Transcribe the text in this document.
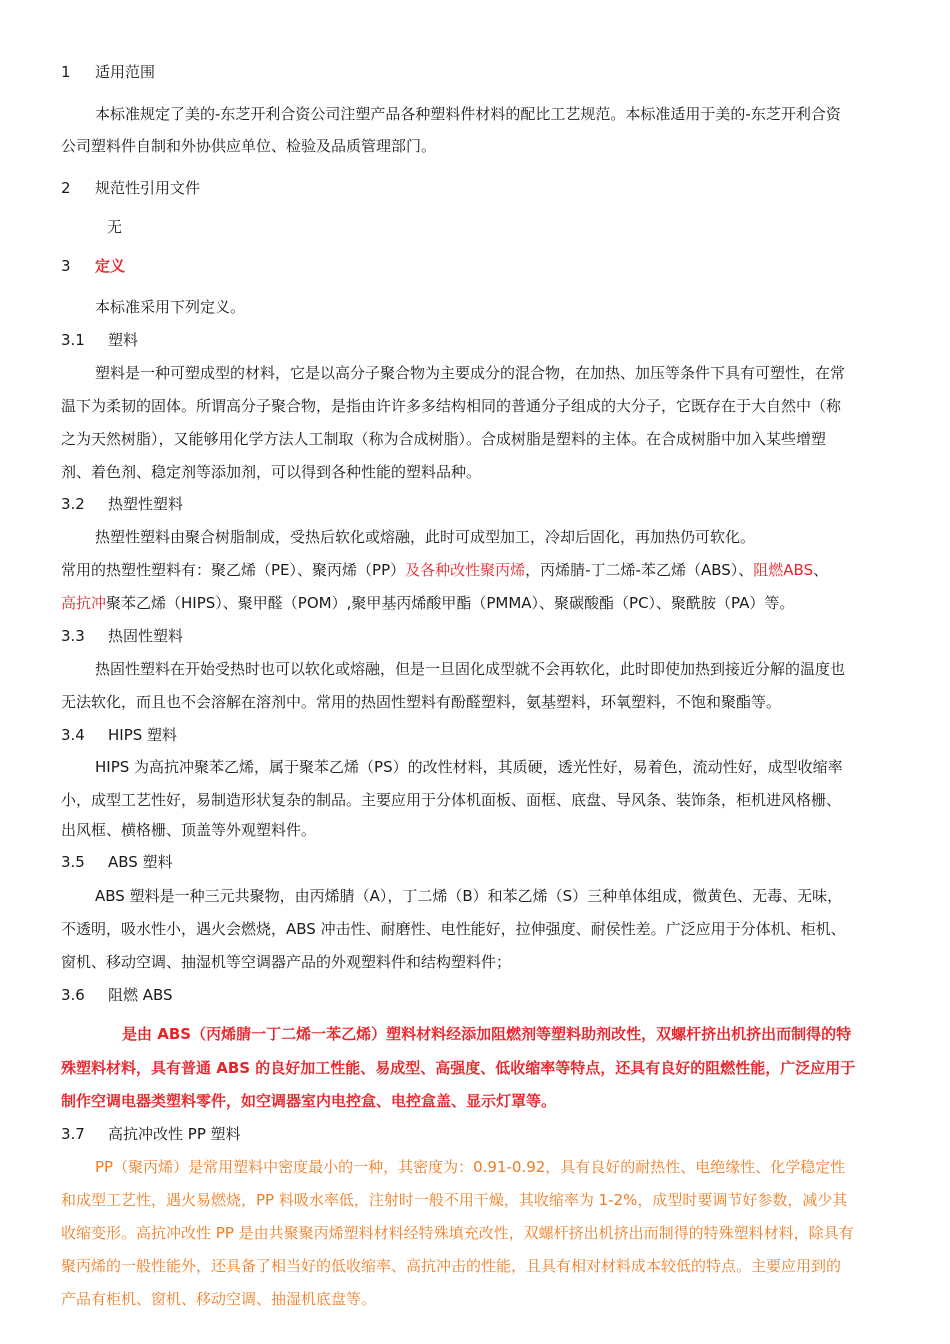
1 适用范围
本标准规定了美的-东芝开利合资公司注塑产品各种塑料件材料的配比工艺规范。本标准适用于美的-东芝开利合资
公司塑料件自制和外协供应单位、检验及品质管理部门。
2 规范性引用文件
无
3 定义
本标准采用下列定义。
3.1 塑料
塑料是一种可塑成型的材料，它是以高分子聚合物为主要成分的混合物，在加热、加压等条件下具有可塑性，在常
温下为柔韧的固体。所谓高分子聚合物，是指由许许多多结构相同的普通分子组成的大分子，它既存在于大自然中（称
之为天然树脂），又能够用化学方法人工制取（称为合成树脂）。合成树脂是塑料的主体。在合成树脂中加入某些增塑
剂、着色剂、稳定剂等添加剂，可以得到各种性能的塑料品种。
3.2 热塑性塑料
热塑性塑料由聚合树脂制成，受热后软化或熔融，此时可成型加工，冷却后固化，再加热仍可软化。
常用的热塑性塑料有：聚乙烯（PE）、聚丙烯（PP）及各种改性聚丙烯，丙烯腈-丁二烯-苯乙烯（ABS）、阻燃ABS、
高抗冲聚苯乙烯（HIPS）、聚甲醛（POM）,聚甲基丙烯酸甲酯（PMMA）、聚碳酸酯（PC）、聚酰胺（PA）等。
3.3 热固性塑料
热固性塑料在开始受热时也可以软化或熔融，但是一旦固化成型就不会再软化，此时即使加热到接近分解的温度也
无法软化，而且也不会溶解在溶剂中。常用的热固性塑料有酚醛塑料，氨基塑料，环氧塑料，不饱和聚酯等。
3.4 HIPS 塑料
HIPS 为高抗冲聚苯乙烯，属于聚苯乙烯（PS）的改性材料，其质硬，透光性好，易着色，流动性好，成型收缩率
小，成型工艺性好，易制造形状复杂的制品。主要应用于分体机面板、面框、底盘、导风条、装饰条，柜机进风格栅、
出风框、横格栅、顶盖等外观塑料件。
3.5 ABS 塑料
ABS 塑料是一种三元共聚物，由丙烯腈（A），丁二烯（B）和苯乙烯（S）三种单体组成，微黄色、无毒、无味，
不透明，吸水性小，遇火会燃烧，ABS 冲击性、耐磨性、电性能好，拉伸强度、耐侯性差。广泛应用于分体机、柜机、
窗机、移动空调、抽湿机等空调器产品的外观塑料件和结构塑料件；
3.6 阻燃 ABS
是由 ABS（丙烯腈一丁二烯一苯乙烯）塑料材料经添加阻燃剂等塑料助剂改性，双螺杆挤出机挤出而制得的特
殊塑料材料，具有普通 ABS 的良好加工性能、易成型、高强度、低收缩率等特点，还具有良好的阻燃性能，广泛应用于
制作空调电器类塑料零件，如空调器室内电控盒、电控盒盖、显示灯罩等。
3.7 高抗冲改性 PP 塑料
PP（聚丙烯）是常用塑料中密度最小的一种，其密度为：0.91-0.92，具有良好的耐热性、电绝缘性、化学稳定性
和成型工艺性，遇火易燃烧，PP 料吸水率低，注射时一般不用干燥，其收缩率为 1-2%，成型时要调节好参数，减少其
收缩变形。高抗冲改性 PP 是由共聚聚丙烯塑料材料经特殊填充改性，双螺杆挤出机挤出而制得的特殊塑料材料，除具有
聚丙烯的一般性能外，还具备了相当好的低收缩率、高抗冲击的性能，且具有相对材料成本较低的特点。主要应用到的
产品有柜机、窗机、移动空调、抽湿机底盘等。
